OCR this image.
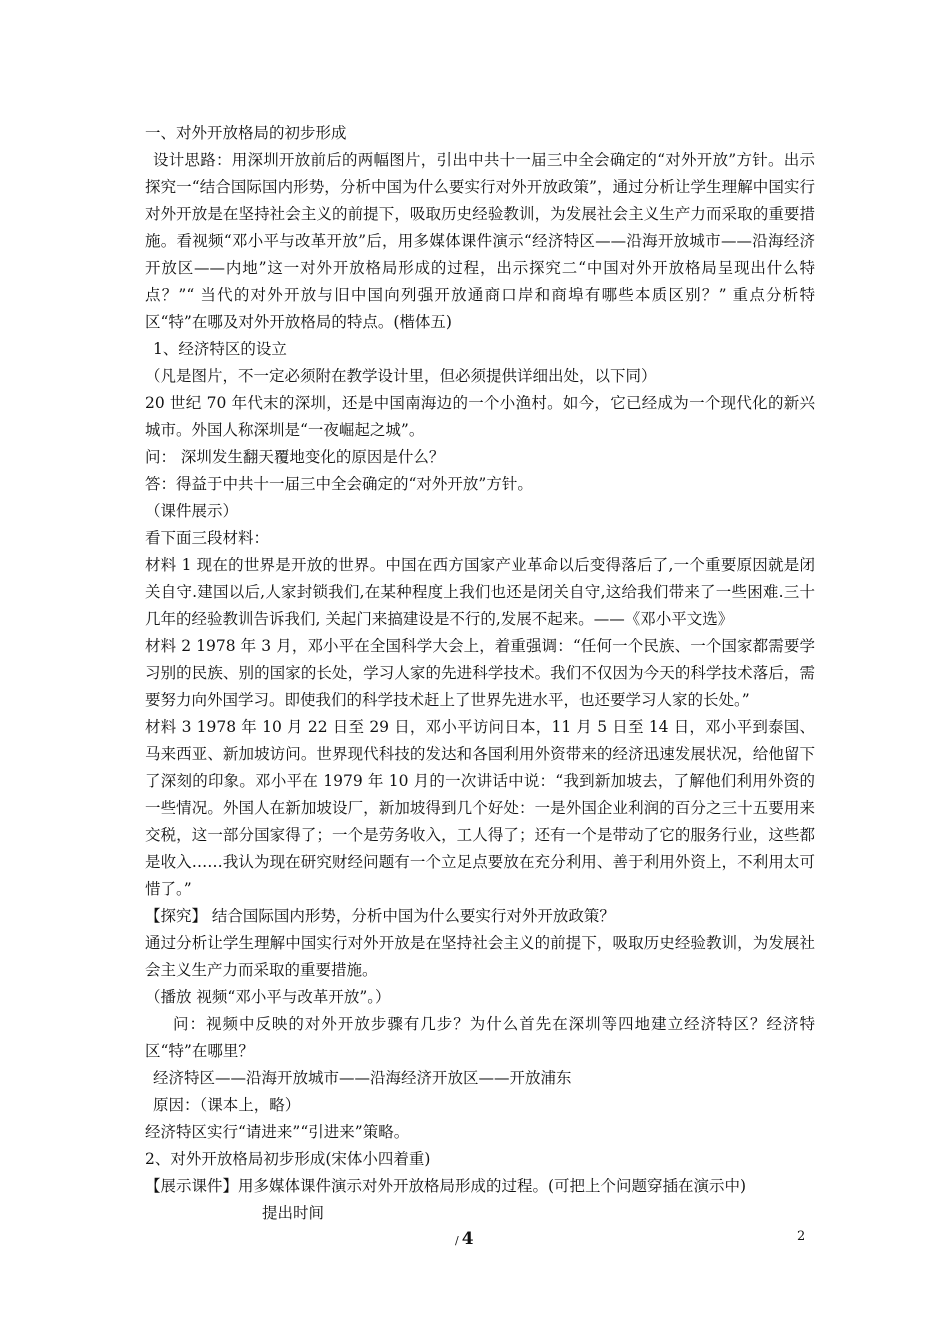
一、对外开放格局的初步形成

设计思路：用深圳开放前后的两幅图片，引出中共十一届三中全会确定的“对外开放”方针。出示探究一“结合国际国内形势，分析中国为什么要实行对外开放政策”，通过分析让学生理解中国实行对外开放是在坚持社会主义的前提下，吸取历史经验教训，为发展社会主义生产力而采取的重要措施。看视频“邓小平与改革开放”后，用多媒体课件演示“经济特区——沿海开放城市——沿海经济开放区——内地”这一对外开放格局形成的过程，出示探究二“中国对外开放格局呈现出什么特点？”“ 当代的对外开放与旧中国向列强开放通商口岸和商埠有哪些本质区别？” 重点分析特区“特”在哪及对外开放格局的特点。(楷体五)

1、经济特区的设立

（凡是图片，不一定必须附在教学设计里，但必须提供详细出处，以下同）

20 世纪 70 年代末的深圳，还是中国南海边的一个小渔村。如今，它已经成为一个现代化的新兴城市。外国人称深圳是“一夜崛起之城”。

问： 深圳发生翻天覆地变化的原因是什么？

答：得益于中共十一届三中全会确定的“对外开放”方针。

（课件展示）

看下面三段材料：

材料 1 现在的世界是开放的世界。中国在西方国家产业革命以后变得落后了,一个重要原因就是闭关自守.建国以后,人家封锁我们,在某种程度上我们也还是闭关自守,这给我们带来了一些困难.三十几年的经验教训告诉我们, 关起门来搞建设是不行的,发展不起来。——《邓小平文选》

材料 2 1978 年 3 月，邓小平在全国科学大会上，着重强调：“任何一个民族、一个国家都需要学习别的民族、别的国家的长处，学习人家的先进科学技术。我们不仅因为今天的科学技术落后，需要努力向外国学习。即使我们的科学技术赶上了世界先进水平，也还要学习人家的长处。”

材料 3 1978 年 10 月 22 日至 29 日，邓小平访问日本，11 月 5 日至 14 日，邓小平到泰国、马来西亚、新加坡访问。世界现代科技的发达和各国利用外资带来的经济迅速发展状况，给他留下了深刻的印象。邓小平在 1979 年 10 月的一次讲话中说：“我到新加坡去，了解他们利用外资的一些情况。外国人在新加坡设厂，新加坡得到几个好处：一是外国企业利润的百分之三十五要用来交税，这一部分国家得了；一个是劳务收入，工人得了；还有一个是带动了它的服务行业，这些都是收入……我认为现在研究财经问题有一个立足点要放在充分利用、善于利用外资上，不利用太可惜了。”

【探究】 结合国际国内形势，分析中国为什么要实行对外开放政策？

通过分析让学生理解中国实行对外开放是在坚持社会主义的前提下，吸取历史经验教训，为发展社会主义生产力而采取的重要措施。

（播放 视频“邓小平与改革开放”。）

问：视频中反映的对外开放步骤有几步？为什么首先在深圳等四地建立经济特区？经济特区“特”在哪里？

经济特区——沿海开放城市——沿海经济开放区——开放浦东

原因：（课本上，略）

经济特区实行“请进来”“引进来”策略。

2、对外开放格局初步形成(宋体小四着重)

【展示课件】用多媒体课件演示对外开放格局形成的过程。(可把上个问题穿插在演示中)

提出时间

/ 4	2
